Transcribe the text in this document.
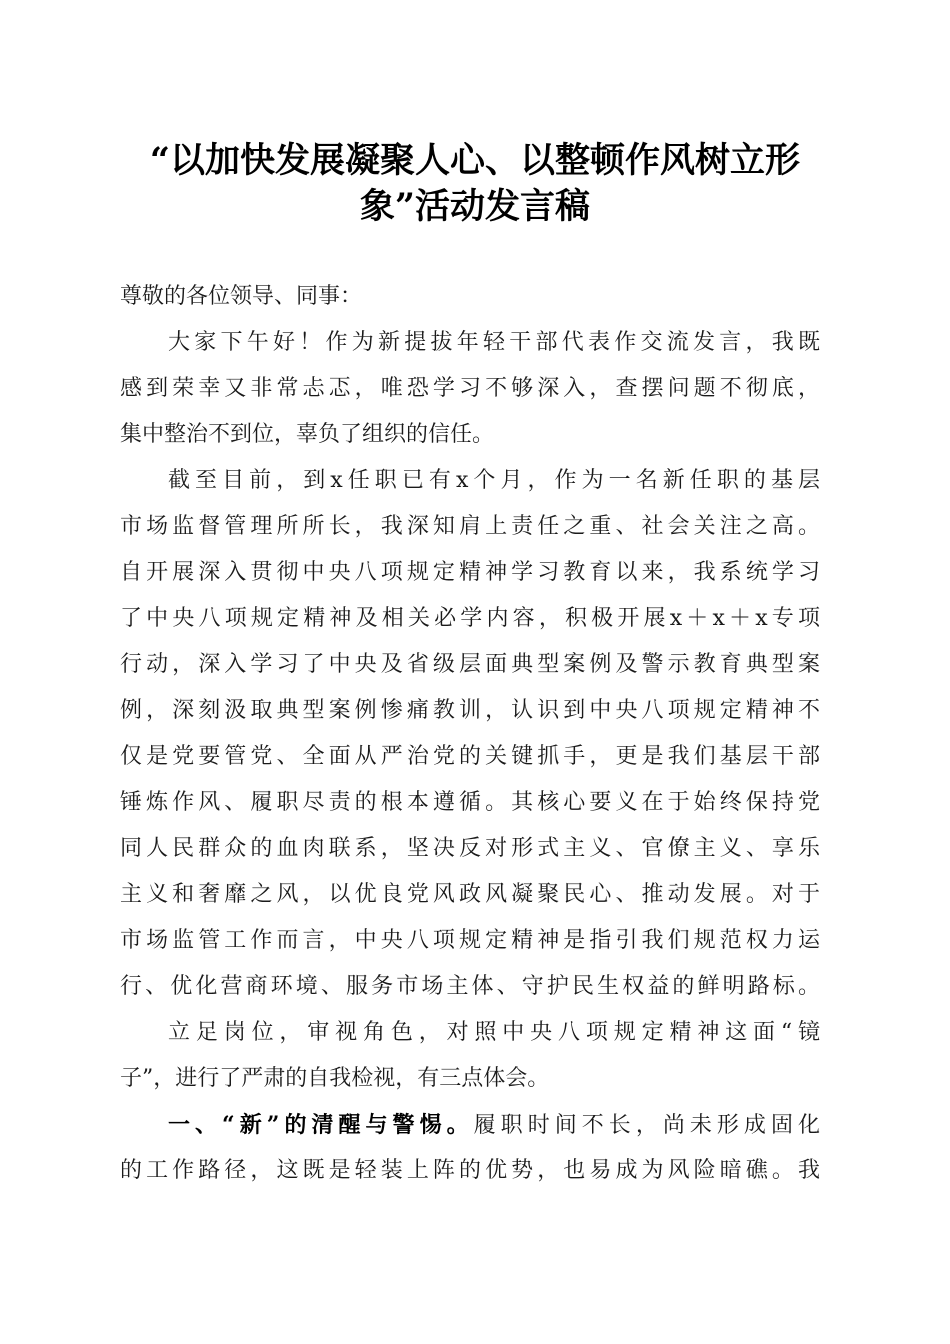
“以加快发展凝聚人心、以整顿作风树立形
象”活动发言稿
尊敬的各位领导、同事：
大家下午好！作为新提拔年轻干部代表作交流发言，我既
感到荣幸又非常忐忑，唯恐学习不够深入，查摆问题不彻底，
集中整治不到位，辜负了组织的信任。
截至目前，到x任职已有x个月，作为一名新任职的基层
市场监督管理所所长，我深知肩上责任之重、社会关注之高。
自开展深入贯彻中央八项规定精神学习教育以来，我系统学习
了中央八项规定精神及相关必学内容，积极开展x＋x＋x专项
行动，深入学习了中央及省级层面典型案例及警示教育典型案
例，深刻汲取典型案例惨痛教训，认识到中央八项规定精神不
仅是党要管党、全面从严治党的关键抓手，更是我们基层干部
锤炼作风、履职尽责的根本遵循。其核心要义在于始终保持党
同人民群众的血肉联系，坚决反对形式主义、官僚主义、享乐
主义和奢靡之风，以优良党风政风凝聚民心、推动发展。对于
市场监管工作而言，中央八项规定精神是指引我们规范权力运
行、优化营商环境、服务市场主体、守护民生权益的鲜明路标。
立足岗位，审视角色，对照中央八项规定精神这面“镜
子”，进行了严肃的自我检视，有三点体会。
一、“新”的清醒与警惕。履职时间不长，尚未形成固化
的工作路径，这既是轻装上阵的优势，也易成为风险暗礁。我
